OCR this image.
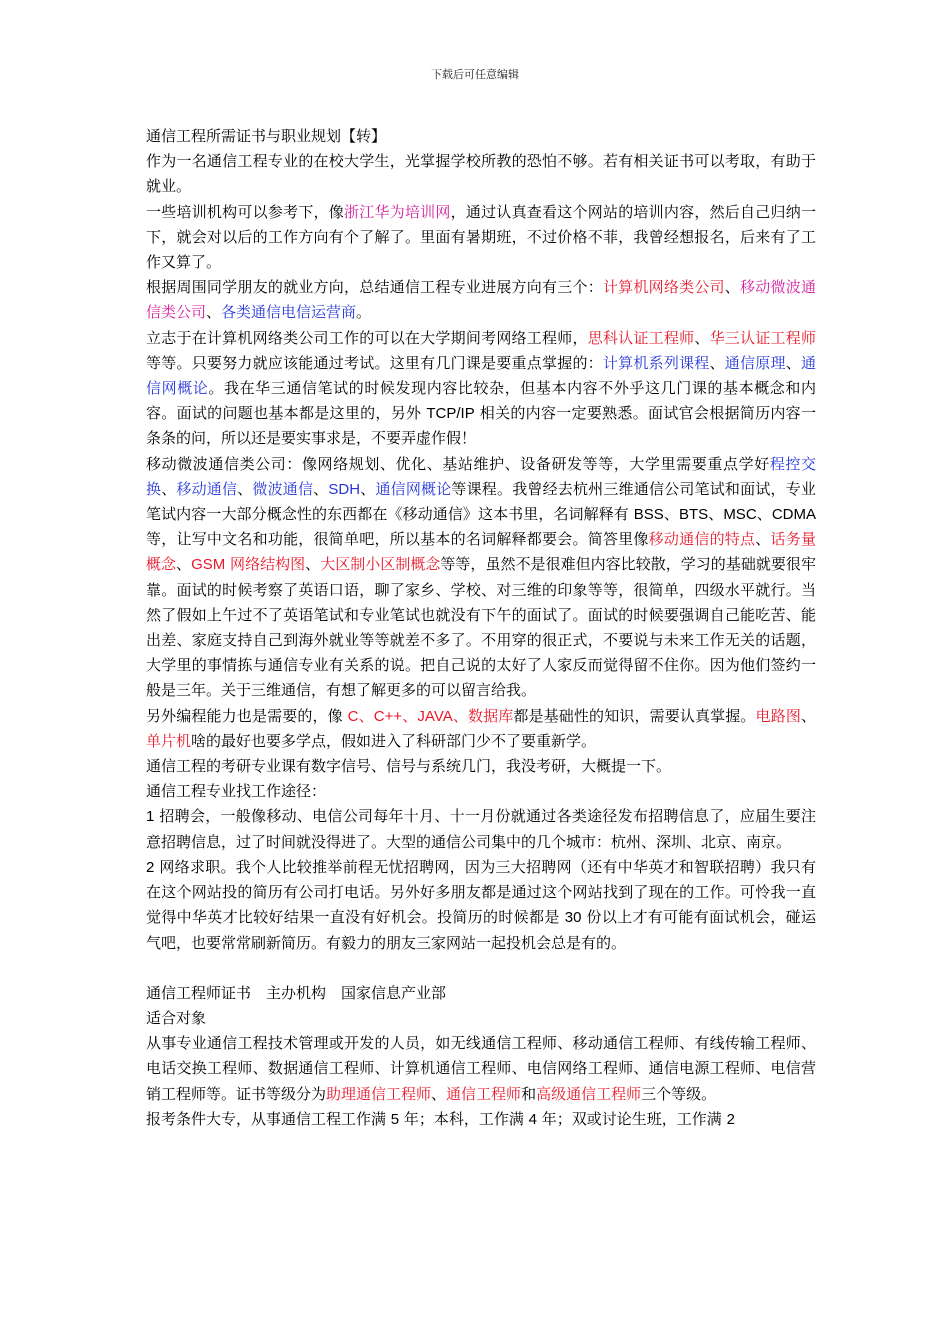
下载后可任意编辑

通信工程所需证书与职业规划【转】

作为一名通信工程专业的在校大学生，光掌握学校所教的恐怕不够。若有相关证书可以考取，有助于就业。

一些培训机构可以参考下，像浙江华为培训网，通过认真查看这个网站的培训内容，然后自己归纳一下，就会对以后的工作方向有个了解了。里面有暑期班，不过价格不菲，我曾经想报名，后来有了工作又算了。

根据周围同学朋友的就业方向，总结通信工程专业进展方向有三个：计算机网络类公司、移动微波通信类公司、各类通信电信运营商。

立志于在计算机网络类公司工作的可以在大学期间考网络工程师，思科认证工程师、华三认证工程师等等。只要努力就应该能通过考试。这里有几门课是要重点掌握的：计算机系列课程、通信原理、通信网概论。我在华三通信笔试的时候发现内容比较杂，但基本内容不外乎这几门课的基本概念和内容。面试的问题也基本都是这里的，另外 TCP/IP 相关的内容一定要熟悉。面试官会根据简历内容一条条的问，所以还是要实事求是，不要弄虚作假！

移动微波通信类公司：像网络规划、优化、基站维护、设备研发等等，大学里需要重点学好程控交换、移动通信、微波通信、SDH、通信网概论等课程。我曾经去杭州三维通信公司笔试和面试，专业笔试内容一大部分概念性的东西都在《移动通信》这本书里，名词解释有 BSS、BTS、MSC、CDMA 等，让写中文名和功能，很简单吧，所以基本的名词解释都要会。简答里像移动通信的特点、话务量概念、GSM 网络结构图、大区制小区制概念等等，虽然不是很难但内容比较散，学习的基础就要很牢靠。面试的时候考察了英语口语，聊了家乡、学校、对三维的印象等等，很简单，四级水平就行。当然了假如上午过不了英语笔试和专业笔试也就没有下午的面试了。面试的时候要强调自己能吃苦、能出差、家庭支持自己到海外就业等等就差不多了。不用穿的很正式，不要说与未来工作无关的话题，大学里的事情拣与通信专业有关系的说。把自己说的太好了人家反而觉得留不住你。因为他们签约一般是三年。关于三维通信，有想了解更多的可以留言给我。

另外编程能力也是需要的，像 C、C++、JAVA、数据库都是基础性的知识，需要认真掌握。电路图、单片机啥的最好也要多学点，假如进入了科研部门少不了要重新学。

通信工程的考研专业课有数字信号、信号与系统几门，我没考研，大概提一下。

通信工程专业找工作途径：

1 招聘会，一般像移动、电信公司每年十月、十一月份就通过各类途径发布招聘信息了，应届生要注意招聘信息，过了时间就没得进了。大型的通信公司集中的几个城市：杭州、深圳、北京、南京。

2 网络求职。我个人比较推举前程无忧招聘网，因为三大招聘网（还有中华英才和智联招聘）我只有在这个网站投的简历有公司打电话。另外好多朋友都是通过这个网站找到了现在的工作。可怜我一直觉得中华英才比较好结果一直没有好机会。投简历的时候都是 30 份以上才有可能有面试机会，碰运气吧，也要常常刷新简历。有毅力的朋友三家网站一起投机会总是有的。

通信工程师证书　主办机构　国家信息产业部

适合对象

从事专业通信工程技术管理或开发的人员，如无线通信工程师、移动通信工程师、有线传输工程师、电话交换工程师、数据通信工程师、计算机通信工程师、电信网络工程师、通信电源工程师、电信营销工程师等。证书等级分为助理通信工程师、通信工程师和高级通信工程师三个等级。

报考条件大专，从事通信工程工作满 5 年；本科，工作满 4 年；双或讨论生班，工作满 2
